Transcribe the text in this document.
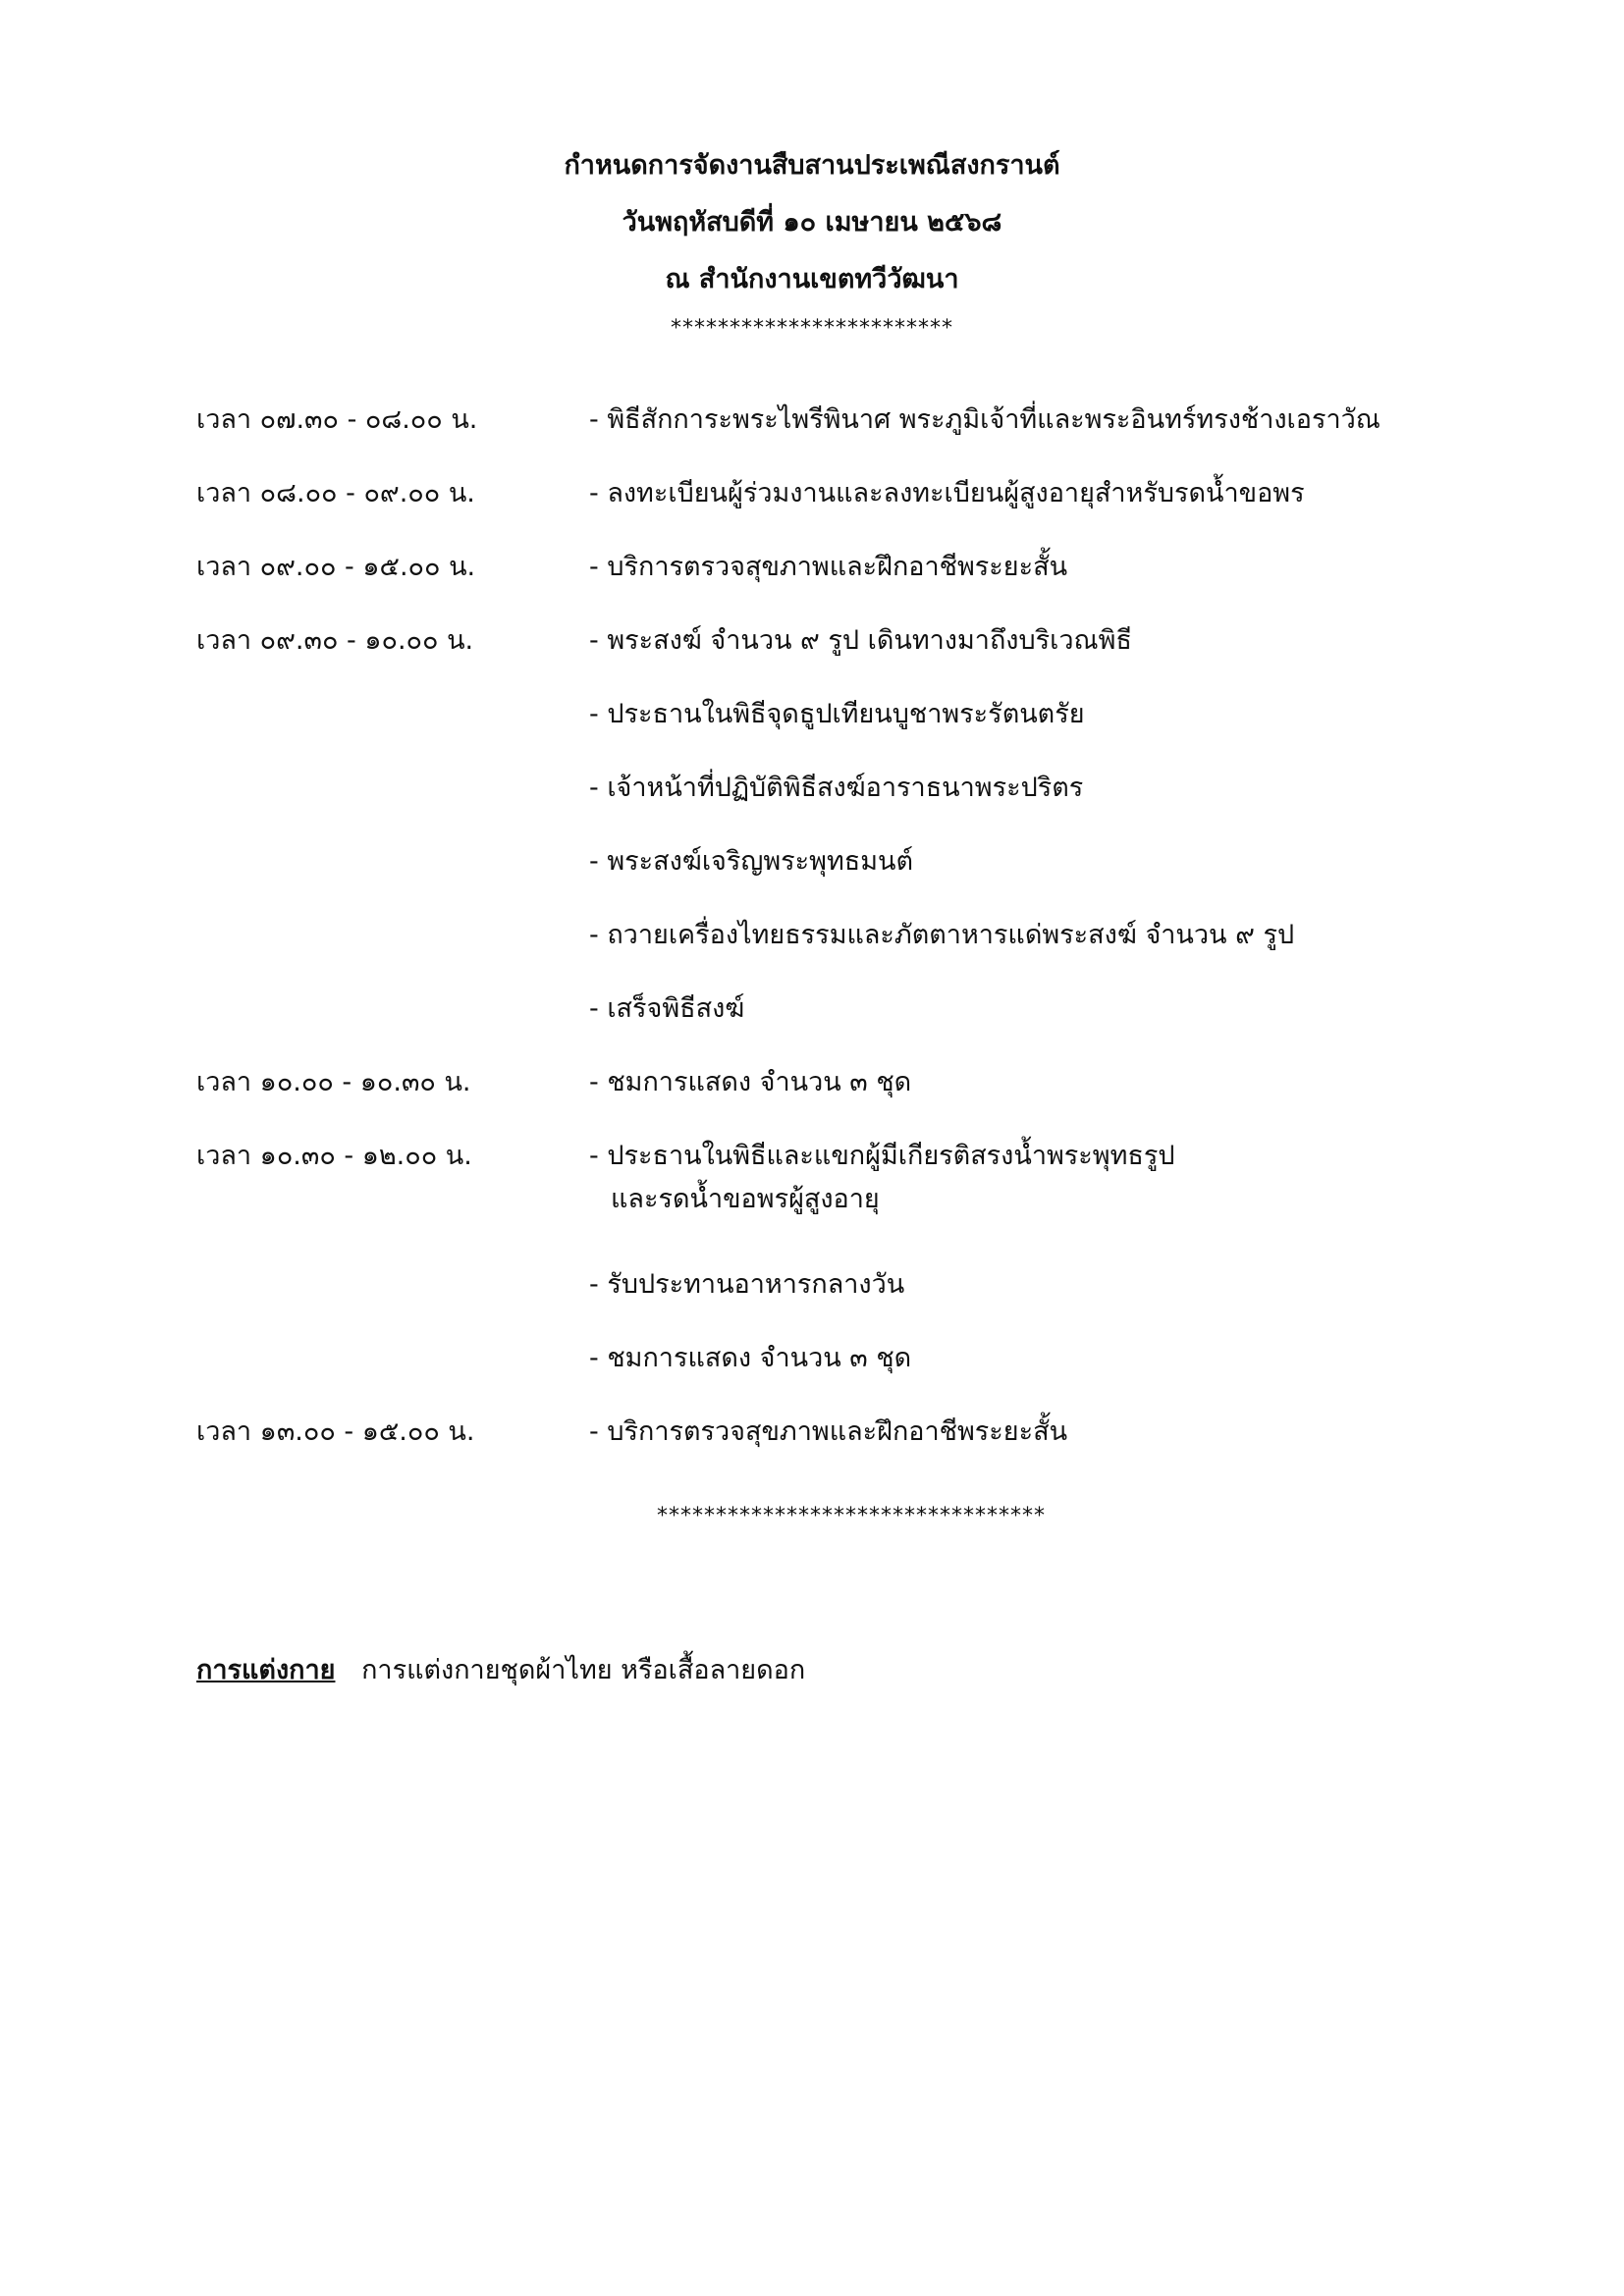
กำหนดการจัดงานสืบสานประเพณีสงกรานต์
วันพฤหัสบดีที่ ๑๐ เมษายน ๒๕๖๘
ณ สำนักงานเขตทวีวัฒนา
************************
เวลา ๐๗.๓๐ - ๐๘.๐๐ น.	- พิธีสักการะพระไพรีพินาศ พระภูมิเจ้าที่และพระอินทร์ทรงช้างเอราวัณ
เวลา ๐๘.๐๐ - ๐๙.๐๐ น.	- ลงทะเบียนผู้ร่วมงานและลงทะเบียนผู้สูงอายุสำหรับรดน้ำขอพร
เวลา ๐๙.๐๐ - ๑๕.๐๐ น.	- บริการตรวจสุขภาพและฝึกอาชีพระยะสั้น
เวลา ๐๙.๓๐ - ๑๐.๐๐ น.	- พระสงฆ์ จำนวน ๙ รูป เดินทางมาถึงบริเวณพิธี
- ประธานในพิธีจุดธูปเทียนบูชาพระรัตนตรัย
- เจ้าหน้าที่ปฏิบัติพิธีสงฆ์อาราธนาพระปริตร
- พระสงฆ์เจริญพระพุทธมนต์
- ถวายเครื่องไทยธรรมและภัตตาหารแด่พระสงฆ์ จำนวน ๙ รูป
- เสร็จพิธีสงฆ์
เวลา ๑๐.๐๐ - ๑๐.๓๐ น.	- ชมการแสดง จำนวน ๓ ชุด
เวลา ๑๐.๓๐ - ๑๒.๐๐ น.	- ประธานในพิธีและแขกผู้มีเกียรติสรงน้ำพระพุทธรูป
และรดน้ำขอพรผู้สูงอายุ
- รับประทานอาหารกลางวัน
- ชมการแสดง จำนวน ๓ ชุด
เวลา ๑๓.๐๐ - ๑๕.๐๐ น.	- บริการตรวจสุขภาพและฝึกอาชีพระยะสั้น
*********************************
การแต่งกาย การแต่งกายชุดผ้าไทย หรือเสื้อลายดอก
